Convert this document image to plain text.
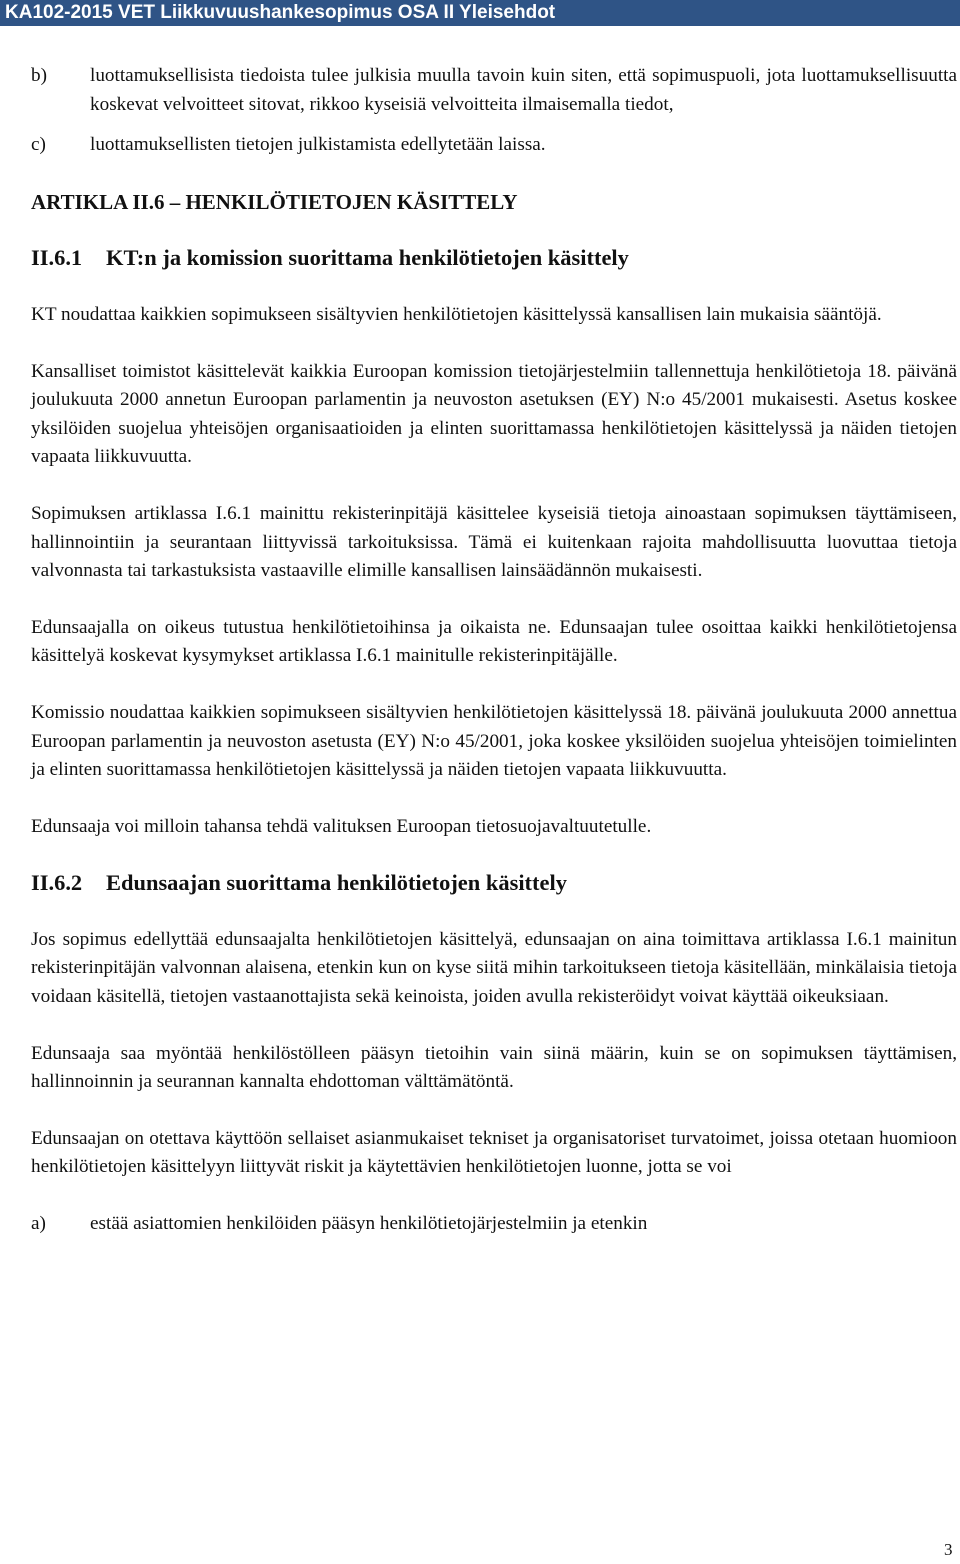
KA102-2015 VET Liikkuvuushankesopimus OSA II Yleisehdot
b)	luottamuksellisista tiedoista tulee julkisia muulla tavoin kuin siten, että sopimuspuoli, jota luottamuksellisuutta koskevat velvoitteet sitovat, rikkoo kyseisiä velvoitteita ilmaisemalla tiedot,
c)	luottamuksellisten tietojen julkistamista edellytetään laissa.
ARTIKLA II.6 – HENKILÖTIETOJEN KÄSITTELY
II.6.1	KT:n ja komission suorittama henkilötietojen käsittely

KT noudattaa kaikkien sopimukseen sisältyvien henkilötietojen käsittelyssä kansallisen lain mukaisia sääntöjä.

Kansalliset toimistot käsittelevät kaikkia Euroopan komission tietojärjestelmiin tallennettuja henkilötietoja 18. päivänä joulukuuta 2000 annetun Euroopan parlamentin ja neuvoston asetuksen (EY) N:o 45/2001 mukaisesti. Asetus koskee yksilöiden suojelua yhteisöjen organisaatioiden ja elinten suorittamassa henkilötietojen käsittelyssä ja näiden tietojen vapaata liikkuvuutta.

Sopimuksen artiklassa I.6.1 mainittu rekisterinpitäjä käsittelee kyseisiä tietoja ainoastaan sopimuksen täyttämiseen, hallinnointiin ja seurantaan liittyvissä tarkoituksissa. Tämä ei kuitenkaan rajoita mahdollisuutta luovuttaa tietoja valvonnasta tai tarkastuksista vastaaville elimille kansallisen lainsäädännön mukaisesti.

Edunsaajalla on oikeus tutustua henkilötietoihinsa ja oikaista ne. Edunsaajan tulee osoittaa kaikki henkilötietojensa käsittelyä koskevat kysymykset artiklassa I.6.1 mainitulle rekisterinpitäjälle.

Komissio noudattaa kaikkien sopimukseen sisältyvien henkilötietojen käsittelyssä 18. päivänä joulukuuta 2000 annettua Euroopan parlamentin ja neuvoston asetusta (EY) N:o 45/2001, joka koskee yksilöiden suojelua yhteisöjen toimielinten ja elinten suorittamassa henkilötietojen käsittelyssä ja näiden tietojen vapaata liikkuvuutta.

Edunsaaja voi milloin tahansa tehdä valituksen Euroopan tietosuojavaltuutetulle.

II.6.2	Edunsaajan suorittama henkilötietojen käsittely

Jos sopimus edellyttää edunsaajalta henkilötietojen käsittelyä, edunsaajan on aina toimittava artiklassa I.6.1 mainitun rekisterinpitäjän valvonnan alaisena, etenkin kun on kyse siitä mihin tarkoitukseen tietoja käsitellään, minkälaisia tietoja voidaan käsitellä, tietojen vastaanottajista sekä keinoista, joiden avulla rekisteröidyt voivat käyttää oikeuksiaan.

Edunsaaja saa myöntää henkilöstölleen pääsyn tietoihin vain siinä määrin, kuin se on sopimuksen täyttämisen, hallinnoinnin ja seurannan kannalta ehdottoman välttämätöntä.

Edunsaajan on otettava käyttöön sellaiset asianmukaiset tekniset ja organisatoriset turvatoimet, joissa otetaan huomioon henkilötietojen käsittelyyn liittyvät riskit ja käytettävien henkilötietojen luonne, jotta se voi

a)	estää asiattomien henkilöiden pääsyn henkilötietojärjestelmiin ja etenkin
3
